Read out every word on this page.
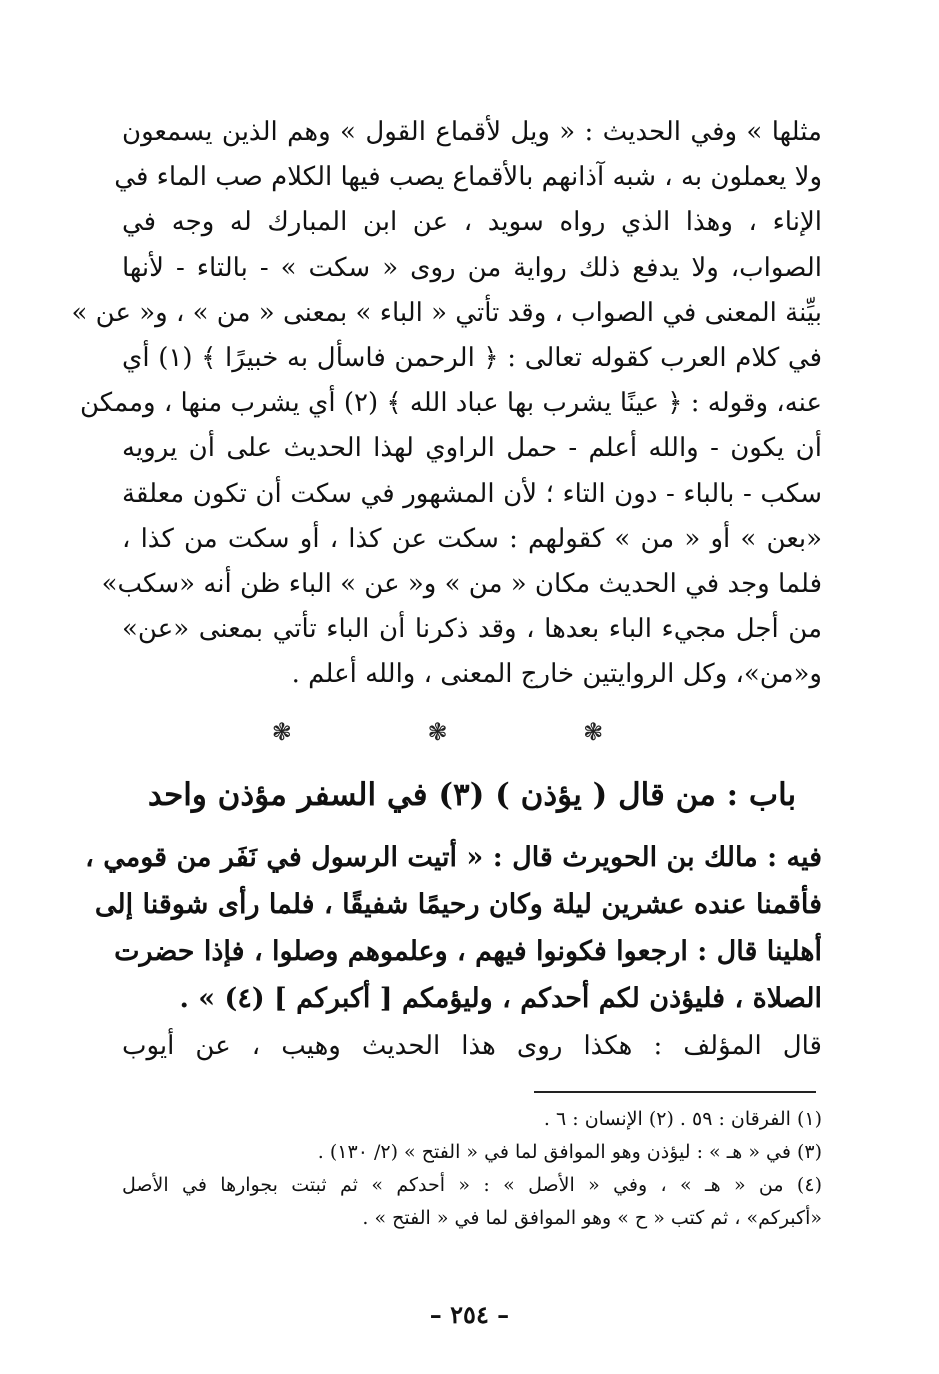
مثلها » وفي الحديث : « ويل لأقماع القول » وهم الذين يسمعون
ولا يعملون به ، شبه آذانهم بالأقماع يصب فيها الكلام صب الماء في
الإناء ، وهذا الذي رواه سويد ، عن ابن المبارك له وجه في
الصواب، ولا يدفع ذلك رواية من روى « سكت » - بالتاء - لأنها
بيِّنة المعنى في الصواب ، وقد تأتي « الباء » بمعنى « من » ، و« عن »
في كلام العرب كقوله تعالى : ﴿ الرحمن فاسأل به خبيرًا ﴾ (١) أي
عنه، وقوله : ﴿ عينًا يشرب بها عباد الله ﴾ (٢) أي يشرب منها ، وممكن
أن يكون - والله أعلم - حمل الراوي لهذا الحديث على أن يرويه
سكب - بالباء - دون التاء ؛ لأن المشهور في سكت أن تكون معلقة
«بعن » أو « من » كقولهم : سكت عن كذا ، أو سكت من كذا ،
فلما وجد في الحديث مكان « من » و« عن » الباء ظن أنه «سكب»
من أجل مجيء الباء بعدها ، وقد ذكرنا أن الباء تأتي بمعنى «عن»
و«من»، وكل الروايتين خارج المعنى ، والله أعلم .
❃ ❃ ❃
باب : من قال ( يؤذن ) (٣) في السفر مؤذن واحد
فيه : مالك بن الحويرث قال : « أتيت الرسول في نَفَر من قومي ،
فأقمنا عنده عشرين ليلة وكان رحيمًا شفيقًا ، فلما رأى شوقنا إلى
أهلينا قال : ارجعوا فكونوا فيهم ، وعلموهم وصلوا ، فإذا حضرت
الصلاة ، فليؤذن لكم أحدكم ، وليؤمكم [ أكبركم ] (٤) » .
قال المؤلف : هكذا روى هذا الحديث وهيب ، عن أيوب
(١) الفرقان : ٥٩ . (٢) الإنسان : ٦ .
(٣) في « هـ » : ليؤذن وهو الموافق لما في « الفتح » (٢/ ١٣٠) .
(٤) من « هـ » ، وفي « الأصل » : « أحدكم » ثم ثبتت بجوارها في الأصل
«أكبركم» ، ثم كتب « ح » وهو الموافق لما في « الفتح » .
– ٢٥٤ –
